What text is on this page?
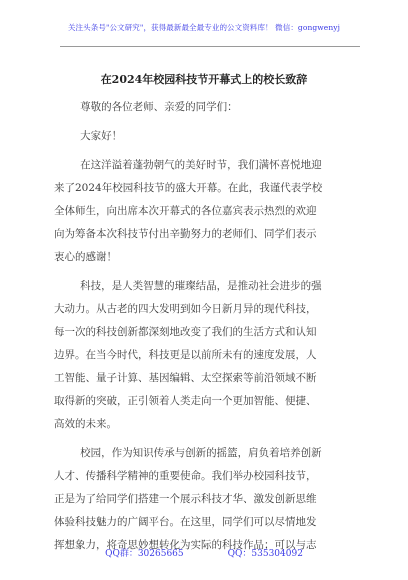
关注头条号"公文研究"，获得最新最全最专业的公文资料库！ 微信：gongwenyj
在2024年校园科技节开幕式上的校长致辞
尊敬的各位老师、亲爱的同学们：
大家好！
在这洋溢着蓬勃朝气的美好时节，我们满怀喜悦地迎
来了2024年校园科技节的盛大开幕。在此，我谨代表学校
全体师生，向出席本次开幕式的各位嘉宾表示热烈的欢迎
向为筹备本次科技节付出辛勤努力的老师们、同学们表示
衷心的感谢！
科技，是人类智慧的璀璨结晶，是推动社会进步的强
大动力。从古老的四大发明到如今日新月异的现代科技，
每一次的科技创新都深刻地改变了我们的生活方式和认知
边界。在当今时代，科技更是以前所未有的速度发展，人
工智能、量子计算、基因编辑、太空探索等前沿领域不断
取得新的突破，正引领着人类走向一个更加智能、便捷、
高效的未来。
校园，作为知识传承与创新的摇篮，肩负着培养创新
人才、传播科学精神的重要使命。我们举办校园科技节，
正是为了给同学们搭建一个展示科技才华、激发创新思维
体验科技魅力的广阔平台。在这里，同学们可以尽情地发
挥想象力，将奇思妙想转化为实际的科技作品；可以与志
QQ群：30265665	QQ：535304092
